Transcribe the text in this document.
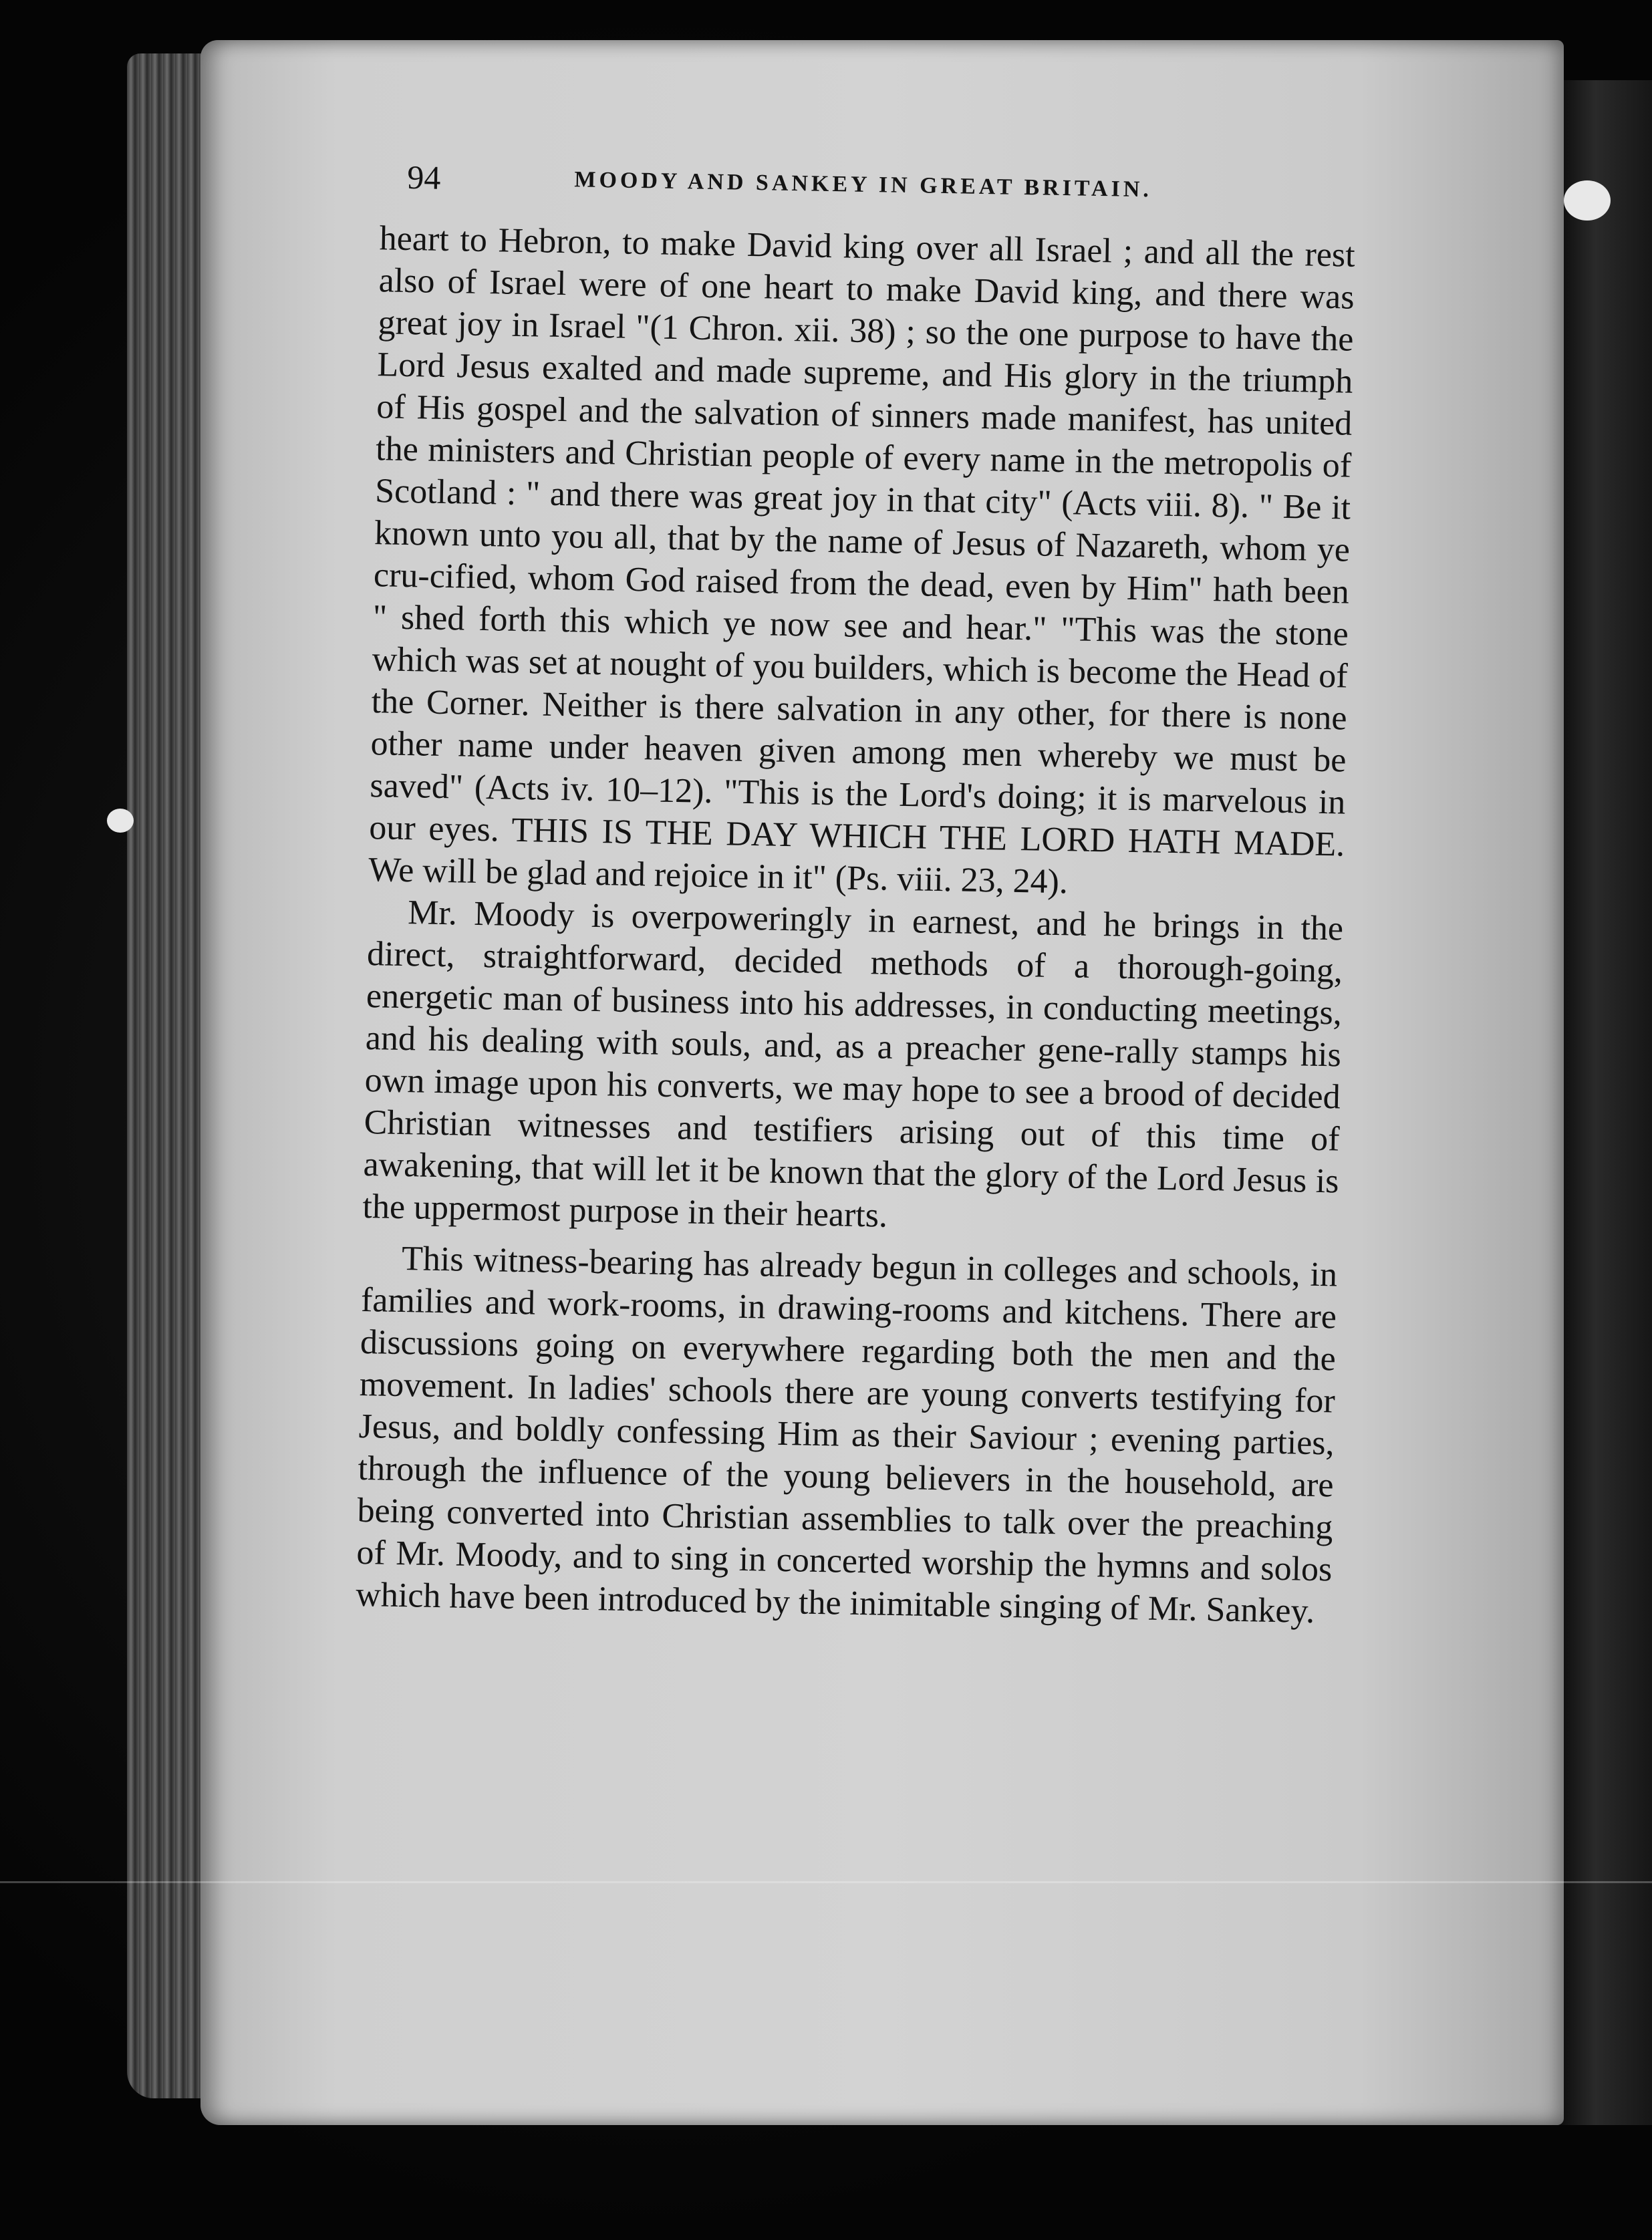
94	MOODY AND SANKEY IN GREAT BRITAIN.

heart to Hebron, to make David king over all Israel ; and all the rest also of Israel were of one heart to make David king, and there was great joy in Israel "(1 Chron. xii. 38) ; so the one purpose to have the Lord Jesus exalted and made supreme, and His glory in the triumph of His gospel and the salvation of sinners made manifest, has united the ministers and Christian people of every name in the metropolis of Scotland : " and there was great joy in that city" (Acts viii. 8). " Be it known unto you all, that by the name of Jesus of Nazareth, whom ye cru-cified, whom God raised from the dead, even by Him" hath been " shed forth this which ye now see and hear." "This was the stone which was set at nought of you builders, which is become the Head of the Corner. Neither is there salvation in any other, for there is none other name under heaven given among men whereby we must be saved" (Acts iv. 10–12). "This is the Lord's doing; it is marvelous in our eyes. THIS IS THE DAY WHICH THE LORD HATH MADE. We will be glad and rejoice in it" (Ps. viii. 23, 24).

Mr. Moody is overpoweringly in earnest, and he brings in the direct, straightforward, decided methods of a thorough-going, energetic man of business into his addresses, in conducting meetings, and his dealing with souls, and, as a preacher gene-rally stamps his own image upon his converts, we may hope to see a brood of decided Christian witnesses and testifiers arising out of this time of awakening, that will let it be known that the glory of the Lord Jesus is the uppermost purpose in their hearts.

This witness-bearing has already begun in colleges and schools, in families and work-rooms, in drawing-rooms and kitchens. There are discussions going on everywhere regarding both the men and the movement. In ladies' schools there are young converts testifying for Jesus, and boldly confessing Him as their Saviour ; evening parties, through the influence of the young believers in the household, are being converted into Christian assemblies to talk over the preaching of Mr. Moody, and to sing in concerted worship the hymns and solos which have been introduced by the inimitable singing of Mr. Sankey.
